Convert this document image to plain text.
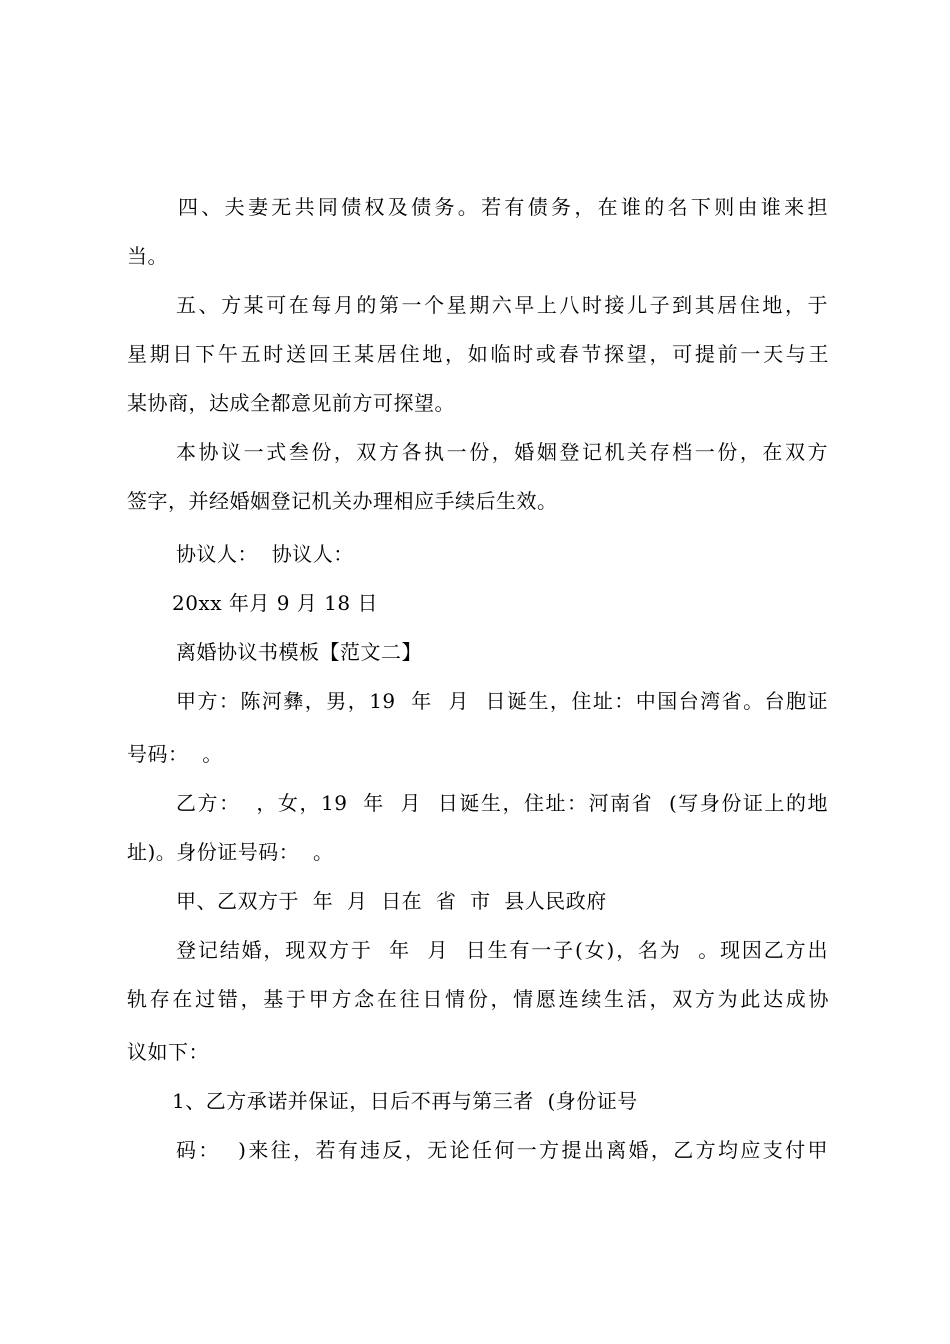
四、夫妻无共同债权及债务。若有债务，在谁的名下则由谁来担
当。
五、方某可在每月的第一个星期六早上八时接儿子到其居住地，于
星期日下午五时送回王某居住地，如临时或春节探望，可提前一天与王
某协商，达成全都意见前方可探望。
本协议一式叁份，双方各执一份，婚姻登记机关存档一份，在双方
签字，并经婚姻登记机关办理相应手续后生效。
协议人：  协议人：
20xx 年月 9 月 18 日
离婚协议书模板【范文二】
甲方：陈河彝，男，19  年  月  日诞生，住址：中国台湾省。台胞证
号码：  。
乙方：  ，女，19  年  月  日诞生，住址：河南省  (写身份证上的地
址)。身份证号码：  。
甲、乙双方于  年  月  日在  省  市  县人民政府
登记结婚，现双方于  年  月  日生有一子(女)，名为  。现因乙方出
轨存在过错，基于甲方念在往日情份，情愿连续生活，双方为此达成协
议如下：
1、乙方承诺并保证，日后不再与第三者  (身份证号
码：  )来往，若有违反，无论任何一方提出离婚，乙方均应支付甲
